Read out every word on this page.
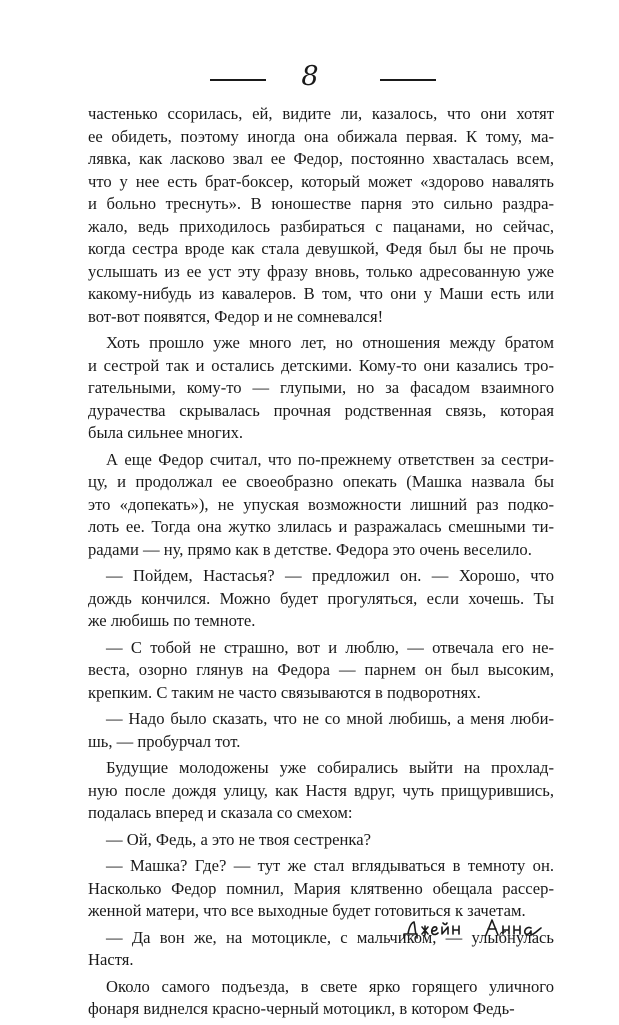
8
частенько ссорилась, ей, видите ли, казалось, что они хотят
ее обидеть, поэтому иногда она обижала первая. К тому, ма-
лявка, как ласково звал ее Федор, постоянно хвасталась всем,
что у нее есть брат-боксер, который может «здорово навалять
и больно треснуть». В юношестве парня это сильно раздра-
жало, ведь приходилось разбираться с пацанами, но сейчас,
когда сестра вроде как стала девушкой, Федя был бы не прочь
услышать из ее уст эту фразу вновь, только адресованную уже
какому-нибудь из кавалеров. В том, что они у Маши есть или
вот-вот появятся, Федор и не сомневался!
Хоть прошло уже много лет, но отношения между братом
и сестрой так и остались детскими. Кому-то они казались тро-
гательными, кому-то — глупыми, но за фасадом взаимного
дурачества скрывалась прочная родственная связь, которая
была сильнее многих.
А еще Федор считал, что по-прежнему ответствен за сестри-
цу, и продолжал ее своеобразно опекать (Машка назвала бы
это «допекать»), не упуская возможности лишний раз подко-
лоть ее. Тогда она жутко злилась и разражалась смешными ти-
радами — ну, прямо как в детстве. Федора это очень веселило.
— Пойдем, Настасья? — предложил он. — Хорошо, что
дождь кончился. Можно будет прогуляться, если хочешь. Ты
же любишь по темноте.
— С тобой не страшно, вот и люблю, — отвечала его не-
веста, озорно глянув на Федора — парнем он был высоким,
крепким. С таким не часто связываются в подворотнях.
— Надо было сказать, что не со мной любишь, а меня люби-
шь, — пробурчал тот.
Будущие молодожены уже собирались выйти на прохлад-
ную после дождя улицу, как Настя вдруг, чуть прищурившись,
подалась вперед и сказала со смехом:
— Ой, Федь, а это не твоя сестренка?
— Машка? Где? — тут же стал вглядываться в темноту он.
Насколько Федор помнил, Мария клятвенно обещала рассер-
женной матери, что все выходные будет готовиться к зачетам.
— Да вон же, на мотоцикле, с мальчиком, — улыбнулась
Настя.
Около самого подъезда, в свете ярко горящего уличного
фонаря виднелся красно-черный мотоцикл, в котором Федь-
